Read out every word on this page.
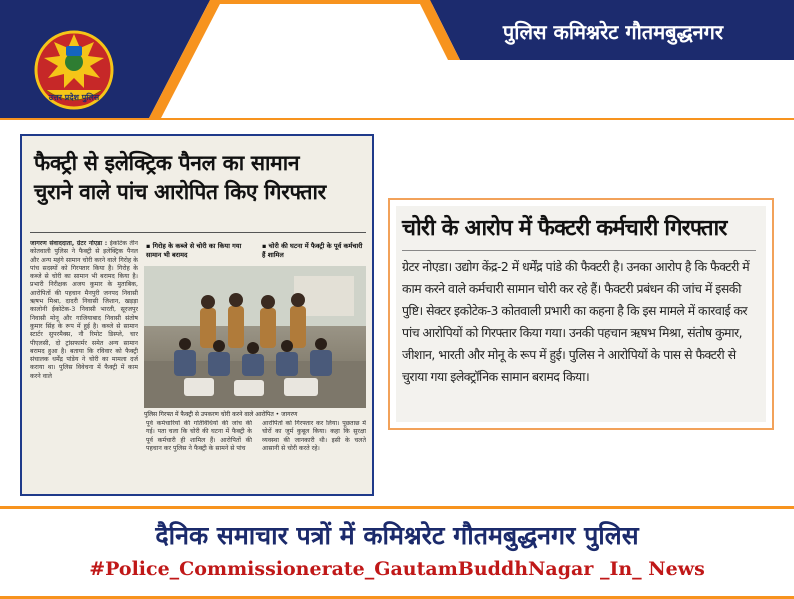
पुलिस कमिश्नरेट गौतमबुद्धनगर
उत्तर प्रदेश पुलिस
फैक्ट्री से इलेक्ट्रिक पैनल का सामान
चुराने वाले पांच आरोपित किए गिरफ्तार
जागरण संवाददाता, ग्रेटर नोएडा : ईकोटेक तीन कोतवाली पुलिस ने फैक्ट्री से इलेक्ट्रिक पैनल और अन्य महंगे सामान चोरी करने वाले गिरोह के पांच सदस्यों को गिरफ्तार किया है। गिरोह के कब्जे से चोरी का सामान भी बरामद किया है। प्रभारी निरीक्षक अजय कुमार के मुताबिक, आरोपितों की पहचान मैनपुरी जनपद निवासी ऋषभ मिश्रा, दादरी निवासी जिशान, खड़ड़ा कालोनी ईकोटेक-3 निवासी भारती, सूरजपुर निवासी मोनू और गाजियाबाद निवासी संतोष कुमार सिंह के रूप में हुई है। कब्जे से सामान स्टार्टर सुपरमैक्स, नौ रिमोट डिस्प्ले, चार पीएलसी, दो ट्रांसफार्मर समेत अन्य सामान बरामद हुआ है। बताया कि रविवार को फैक्ट्री संचालक धर्मेंद्र पांडेय ने चोरी का मामला दर्ज कराया था। पुलिस विवेचना में फैक्ट्री में काम करने वाले
▪ गिरोह के कब्जे से चोरी का किया गया सामान भी बरामद
▪ चोरी की घटना में फैक्ट्री के पूर्व कर्मचारी हैं शामिल
पूर्व कर्मचारियों की गतिविधियों की जांच की गई। पता चला कि चोरी की घटना में फैक्ट्री के पूर्व कर्मचारी ही शामिल हैं। आरोपितों की पहचान कर पुलिस ने फैक्ट्री के सामने से पांच
आरोपितों को गिरफ्तार कर लिया। पूछताछ में चोरों का जुर्म कुबूल किया। कहा कि सुरक्षा व्यवस्था की जानकारी थी। इसी के चलते आसानी से चोरी करते रहे।
पुलिस गिरफ्त में फैक्ट्री से उपकरण चोरी करने वाले आरोपित • जागरण
चोरी के आरोप में फैक्टरी कर्मचारी गिरफ्तार
ग्रेटर नोएडा। उद्योग केंद्र-2 में धर्मेंद्र पांडे की फैक्टरी है। उनका आरोप है कि फैक्टरी में काम करने वाले कर्मचारी सामान चोरी कर रहे हैं। फैक्टरी प्रबंधन की जांच में इसकी पुष्टि। सेक्टर इकोटेक-3 कोतवाली प्रभारी का कहना है कि इस मामले में कारवाई कर पांच आरोपियों को गिरफ्तार किया गया। उनकी पहचान ऋषभ मिश्रा, संतोष कुमार, जीशान, भारती और मोनू के रूप में हुई। पुलिस ने आरोपियों के पास से फैक्टरी से चुराया गया इलेक्ट्रॉनिक सामान बरामद किया।
दैनिक समाचार पत्रों में कमिश्नरेट गौतमबुद्धनगर पुलिस
#Police_Commissionerate_GautamBuddhNagar _In_ News
